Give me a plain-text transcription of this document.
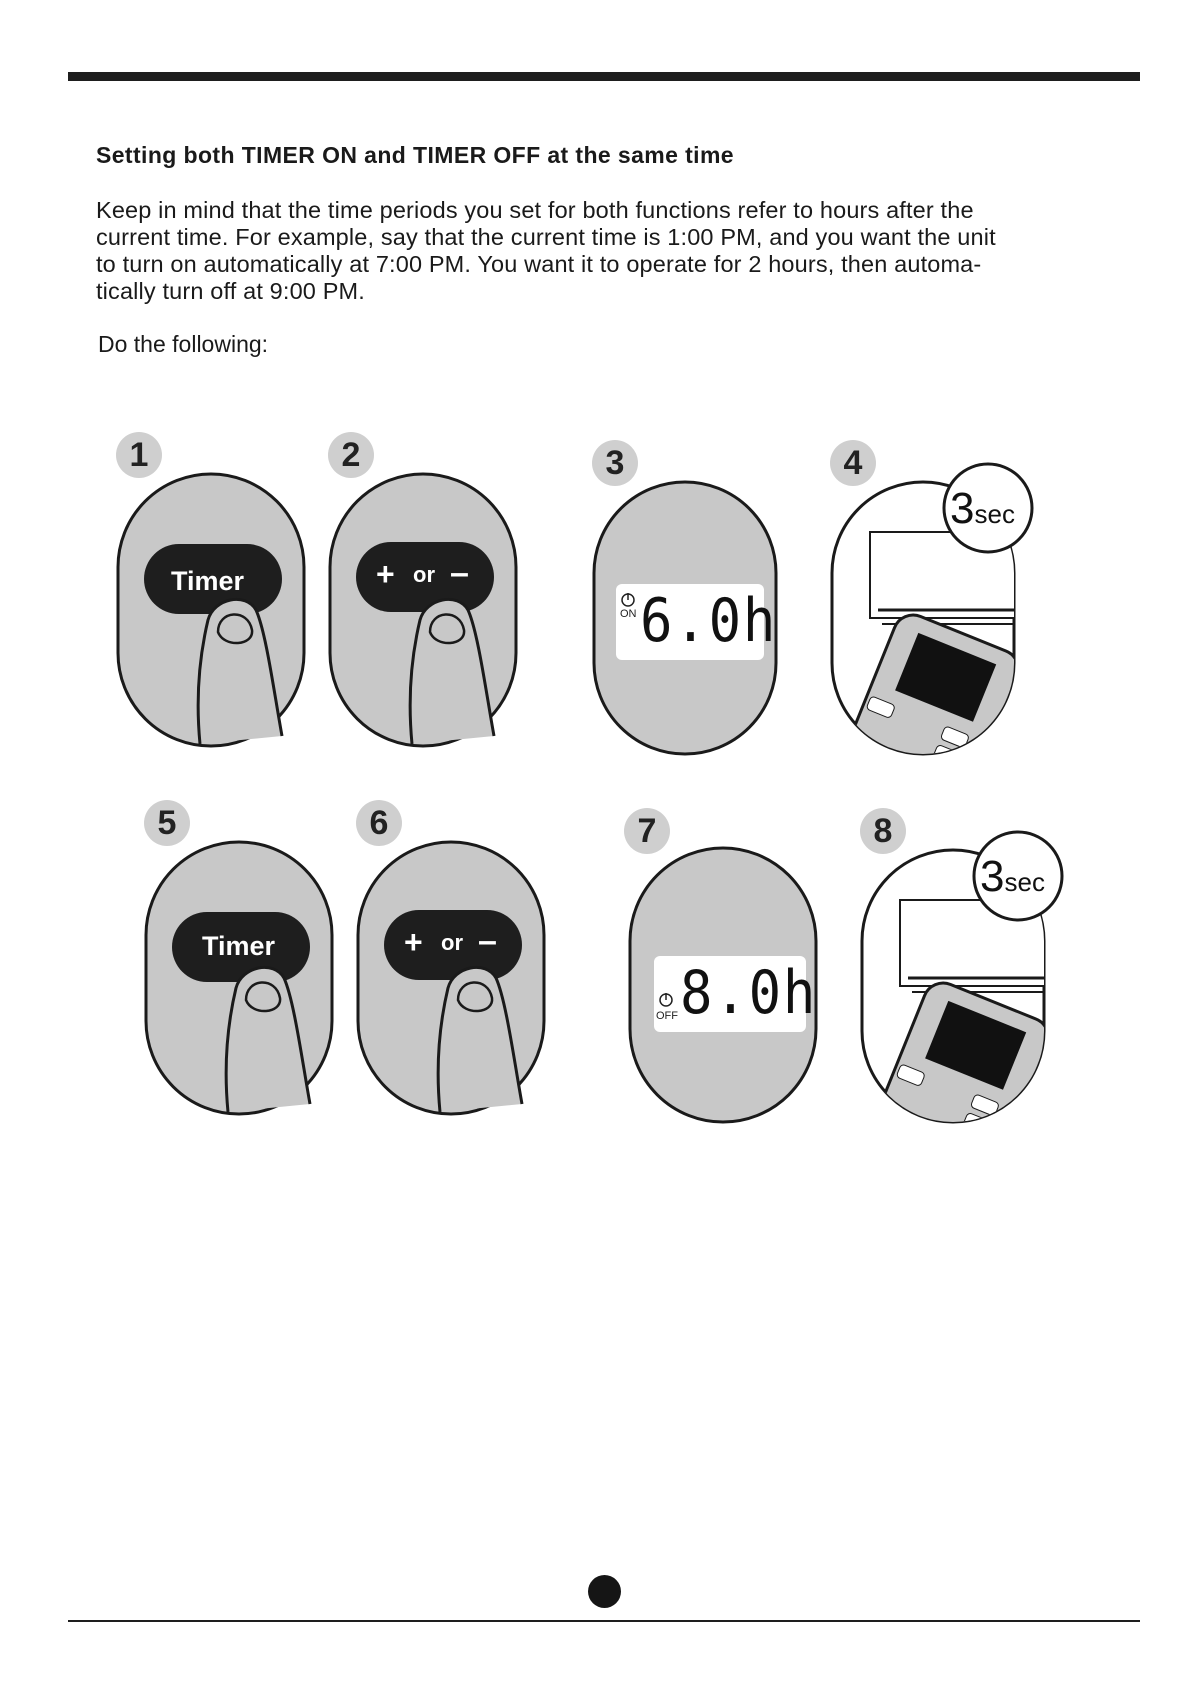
Setting both TIMER ON and TIMER OFF at the same time

Keep in mind that the time periods you set for both functions refer to hours after the
current time. For example, say that the current time is 1:00 PM, and you want the unit
to turn on automatically at 7:00 PM. You want it to operate for 2 hours, then automa-
tically turn off at 9:00 PM.

Do the following:

1
Timer
2
+ or –
3
ON 6.0h
4
3sec
5
Timer
6
+ or –
7
OFF 8.0h
8
3sec
